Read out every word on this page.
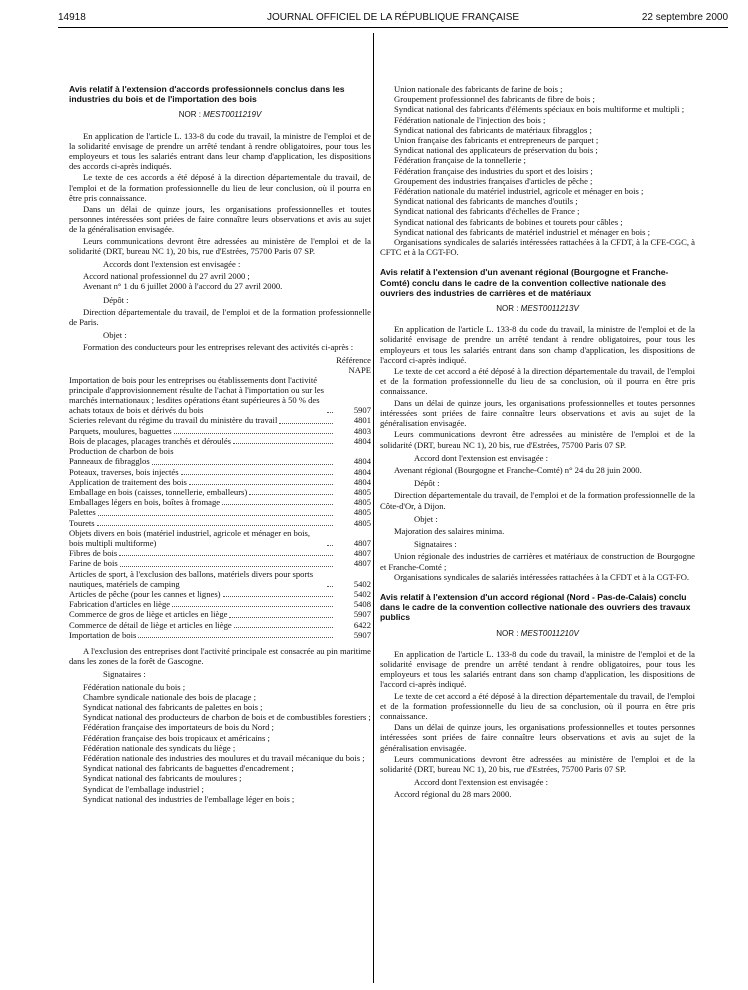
14918	JOURNAL OFFICIEL DE LA RÉPUBLIQUE FRANÇAISE	22 septembre 2000
Avis relatif à l'extension d'accords professionnels conclus dans les industries du bois et de l'importation des bois
NOR : MEST0011219V

En application de l'article L. 133-8 du code du travail, la ministre de l'emploi et de la solidarité envisage de prendre un arrêté tendant à rendre obligatoires, pour tous les employeurs et tous les salariés entrant dans leur champ d'application, les dispositions des accords ci-après indiqués.

Le texte de ces accords a été déposé à la direction départementale du travail, de l'emploi et de la formation professionnelle du lieu de leur conclusion, où il pourra en être pris connaissance.

Dans un délai de quinze jours, les organisations professionnelles et toutes personnes intéressées sont priées de faire connaître leurs observations et avis au sujet de la généralisation envisagée.

Leurs communications devront être adressées au ministère de l'emploi et de la solidarité (DRT, bureau NC 1), 20 bis, rue d'Estrées, 75700 Paris 07 SP.

Accords dont l'extension est envisagée :

Accord national professionnel du 27 avril 2000 ;

Avenant n° 1 du 6 juillet 2000 à l'accord du 27 avril 2000.

Dépôt :

Direction départementale du travail, de l'emploi et de la formation professionnelle de Paris.

Objet :

Formation des conducteurs pour les entreprises relevant des activités ci-après :

Référence
NAPE
Importation de bois pour les entreprises ou établissements dont l'activité principale d'approvisionnement résulte de l'achat à l'importation ou sur les marchés internationaux ; lesdites opérations étant supérieures à 50 % des achats totaux de bois et dérivés du bois	5907

Scieries relevant du régime du travail du ministère du travail	4801

Parquets, moulures, baguettes	4803

Bois de placages, placages tranchés et déroulés	4804

Production de charbon de bois	

Panneaux de fibragglos	4804

Poteaux, traverses, bois injectés	4804

Application de traitement des bois	4804

Emballage en bois (caisses, tonnellerie, emballeurs)	4805

Emballages légers en bois, boîtes à fromage	4805

Palettes	4805

Tourets	4805

Objets divers en bois (matériel industriel, agricole et ménager en bois, bois multipli multiforme)	4807

Fibres de bois	4807

Farine de bois	4807

Articles de sport, à l'exclusion des ballons, matériels divers pour sports nautiques, matériels de camping	5402

Articles de pêche (pour les cannes et lignes)	5402

Fabrication d'articles en liège	5408

Commerce de gros de liège et articles en liège	5907

Commerce de détail de liège et articles en liège	6422

Importation de bois	5907

A l'exclusion des entreprises dont l'activité principale est consacrée au pin maritime dans les zones de la forêt de Gascogne.

Signataires :

Fédération nationale du bois ;

Chambre syndicale nationale des bois de placage ;

Syndicat national des fabricants de palettes en bois ;

Syndicat national des producteurs de charbon de bois et de combustibles forestiers ;

Fédération française des importateurs de bois du Nord ;

Fédération française des bois tropicaux et américains ;

Fédération nationale des syndicats du liège ;

Fédération nationale des industries des moulures et du travail mécanique du bois ;

Syndicat national des fabricants de baguettes d'encadrement ;

Syndicat national des fabricants de moulures ;

Syndicat de l'emballage industriel ;

Syndicat national des industries de l'emballage léger en bois ;

Union nationale des fabricants de farine de bois ;

Groupement professionnel des fabricants de fibre de bois ;

Syndicat national des fabricants d'éléments spéciaux en bois multiforme et multipli ;

Fédération nationale de l'injection des bois ;

Syndicat national des fabricants de matériaux fibragglos ;

Union française des fabricants et entrepreneurs de parquet ;

Syndicat national des applicateurs de préservation du bois ;

Fédération française de la tonnellerie ;

Fédération française des industries du sport et des loisirs ;

Groupement des industries françaises d'articles de pêche ;

Fédération nationale du matériel industriel, agricole et ménager en bois ;

Syndicat national des fabricants de manches d'outils ;

Syndicat national des fabricants d'échelles de France ;

Syndicat national des fabricants de bobines et tourets pour câbles ;

Syndicat national des fabricants de matériel industriel et ménager en bois ;

Organisations syndicales de salariés intéressées rattachées à la CFDT, à la CFE-CGC, à CFTC et à la CGT-FO.

Avis relatif à l'extension d'un avenant régional (Bourgogne et Franche-Comté) conclu dans le cadre de la convention collective nationale des ouvriers des industries de carrières et de matériaux
NOR : MEST0011213V

En application de l'article L. 133-8 du code du travail, la ministre de l'emploi et de la solidarité envisage de prendre un arrêté tendant à rendre obligatoires, pour tous les employeurs et tous les salariés entrant dans son champ d'application, les dispositions de l'accord ci-après indiqué.

Le texte de cet accord a été déposé à la direction départementale du travail, de l'emploi et de la formation professionnelle du lieu de sa conclusion, où il pourra en être pris connaissance.

Dans un délai de quinze jours, les organisations professionnelles et toutes personnes intéressées sont priées de faire connaître leurs observations et avis au sujet de la généralisation envisagée.

Leurs communications devront être adressées au ministère de l'emploi et de la solidarité (DRT, bureau NC 1), 20 bis, rue d'Estrées, 75700 Paris 07 SP.

Accord dont l'extension est envisagée :

Avenant régional (Bourgogne et Franche-Comté) n° 24 du 28 juin 2000.

Dépôt :

Direction départementale du travail, de l'emploi et de la formation professionnelle de la Côte-d'Or, à Dijon.

Objet :

Majoration des salaires minima.

Signataires :

Union régionale des industries de carrières et matériaux de construction de Bourgogne et Franche-Comté ;

Organisations syndicales de salariés intéressées rattachées à la CFDT et à la CGT-FO.

Avis relatif à l'extension d'un accord régional (Nord - Pas-de-Calais) conclu dans le cadre de la convention collective nationale des ouvriers des travaux publics
NOR : MEST0011210V

En application de l'article L. 133-8 du code du travail, la ministre de l'emploi et de la solidarité envisage de prendre un arrêté tendant à rendre obligatoires, pour tous les employeurs et tous les salariés entrant dans son champ d'application, les dispositions de l'accord ci-après indiqué.

Le texte de cet accord a été déposé à la direction départementale du travail, de l'emploi et de la formation professionnelle du lieu de sa conclusion, où il pourra en être pris connaissance.

Dans un délai de quinze jours, les organisations professionnelles et toutes personnes intéressées sont priées de faire connaître leurs observations et avis au sujet de la généralisation envisagée.

Leurs communications devront être adressées au ministère de l'emploi et de la solidarité (DRT, bureau NC 1), 20 bis, rue d'Estrées, 75700 Paris 07 SP.

Accord dont l'extension est envisagée :

Accord régional du 28 mars 2000.
